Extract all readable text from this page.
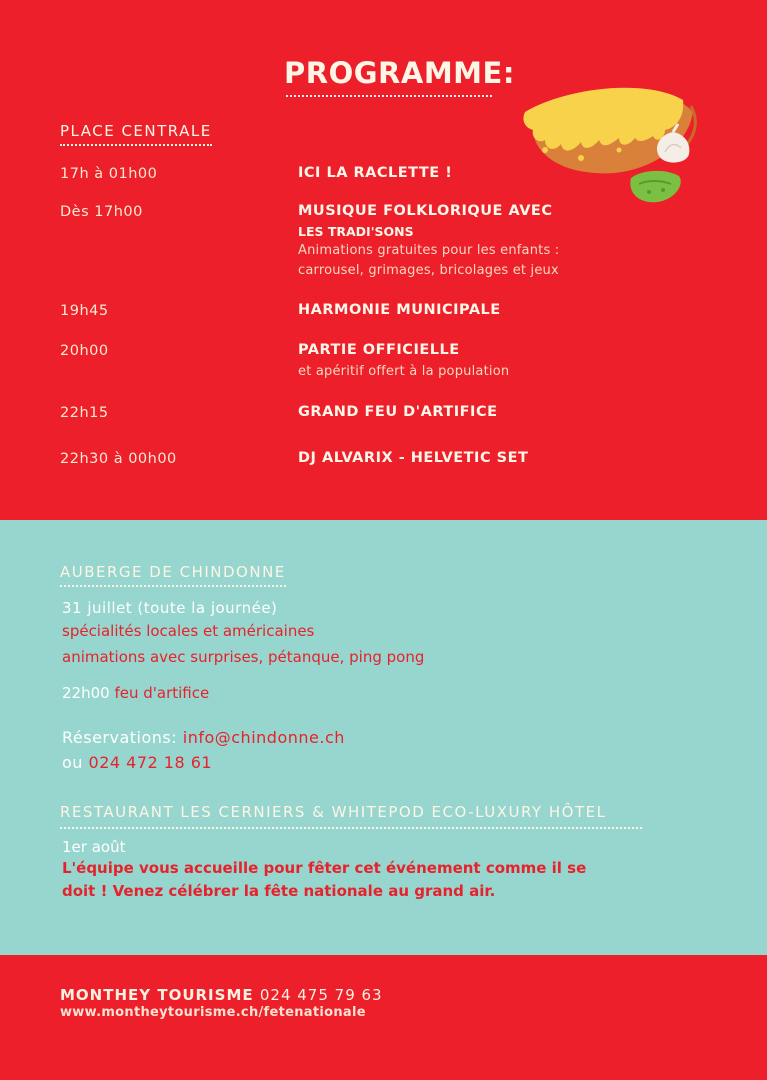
PROGRAMME:
PLACE CENTRALE
17h à 01h00	ICI LA RACLETTE !
Dès 17h00	MUSIQUE FOLKLORIQUE AVEC
LES TRADI'SONS
Animations gratuites pour les enfants :
carrousel, grimages, bricolages et jeux
19h45	HARMONIE MUNICIPALE
20h00	PARTIE OFFICIELLE
et apéritif offert à la population
22h15	GRAND FEU D'ARTIFICE
22h30 à 00h00	DJ ALVARIX - HELVETIC SET
AUBERGE DE CHINDONNE
31 juillet (toute la journée)
spécialités locales et américaines
animations avec surprises, pétanque, ping pong
22h00 feu d'artifice
Réservations: info@chindonne.ch
ou 024 472 18 61
RESTAURANT LES CERNIERS & WHITEPOD ECO-LUXURY HÔTEL
1er août
L'équipe vous accueille pour fêter cet événement comme il se
doit ! Venez célébrer la fête nationale au grand air.
MONTHEY TOURISME 024 475 79 63
www.montheytourisme.ch/fetenationale
